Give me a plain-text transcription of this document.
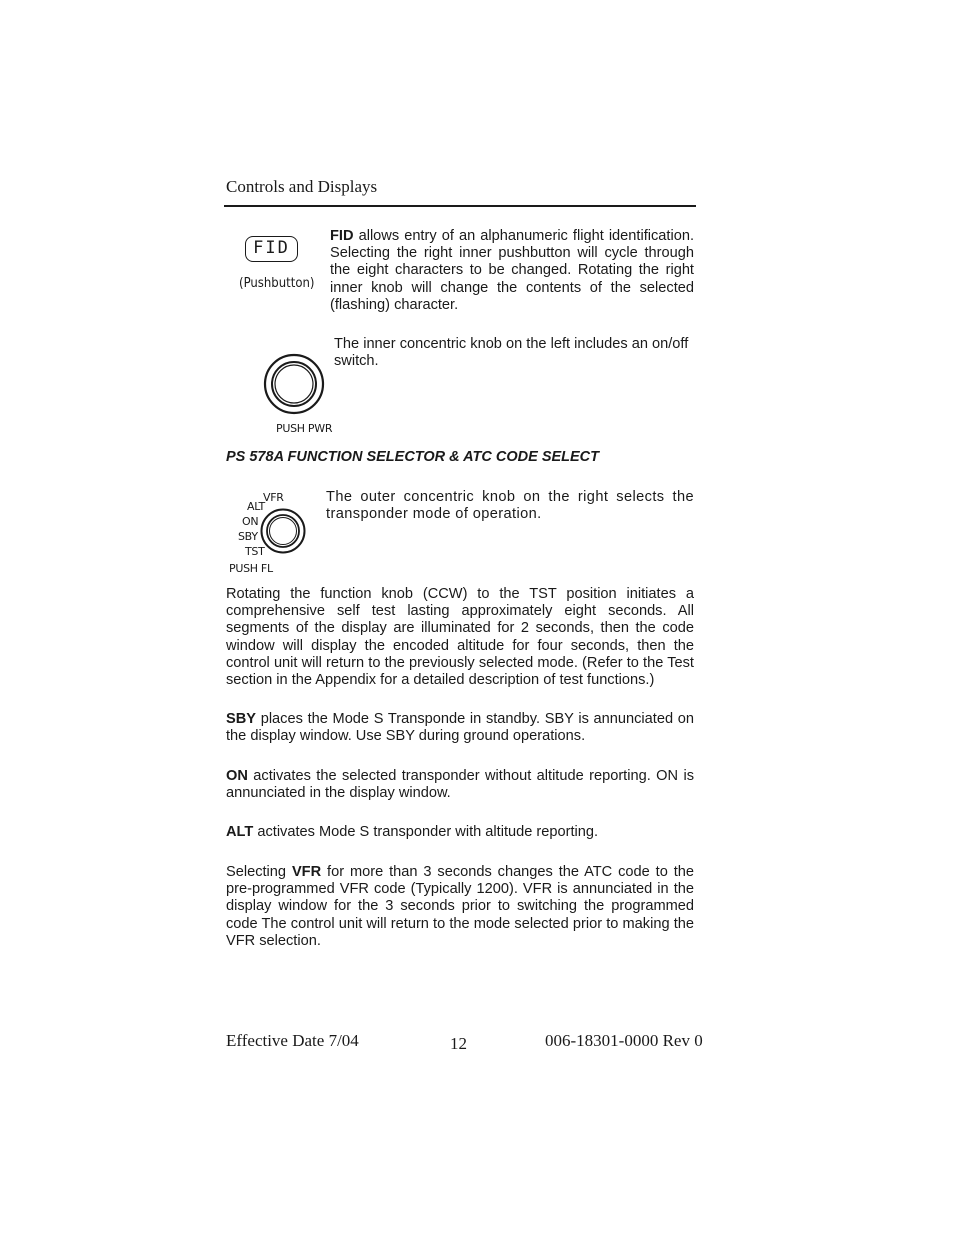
Controls and Displays
FID
(Pushbutton)
FID allows entry of an alphanumeric flight identification. Selecting the right inner pushbutton will cycle through the eight characters to be changed. Rotating the right inner knob will change the contents of the selected (flashing) character.
PUSH PWR
The inner concentric knob on the left includes an on/off switch.
PS 578A FUNCTION SELECTOR & ATC CODE SELECT
VFR
ALT
ON
SBY
TST
PUSH FL
The outer concentric knob on the right selects the transponder mode of operation.
Rotating the function knob (CCW) to the TST position initiates a comprehensive self test lasting approximately eight seconds. All segments of the display are illuminated for 2 seconds, then the code window will display the encoded altitude for four seconds, then the control unit will return to the previously selected mode. (Refer to the Test section in the Appendix for a detailed description of test functions.)
SBY places the Mode S Transponde in standby. SBY is annunciated on the display window. Use SBY during ground operations.
ON activates the selected transponder without altitude reporting. ON is annunciated in the display window.
ALT activates Mode S transponder with altitude reporting.
Selecting VFR for more than 3 seconds changes the ATC code to the pre-programmed VFR code (Typically 1200). VFR is annunciated in the display window for the 3 seconds prior to switching the programmed code The control unit will return to the mode selected prior to making the VFR selection.
Effective Date 7/04	12	006-18301-0000 Rev 0
